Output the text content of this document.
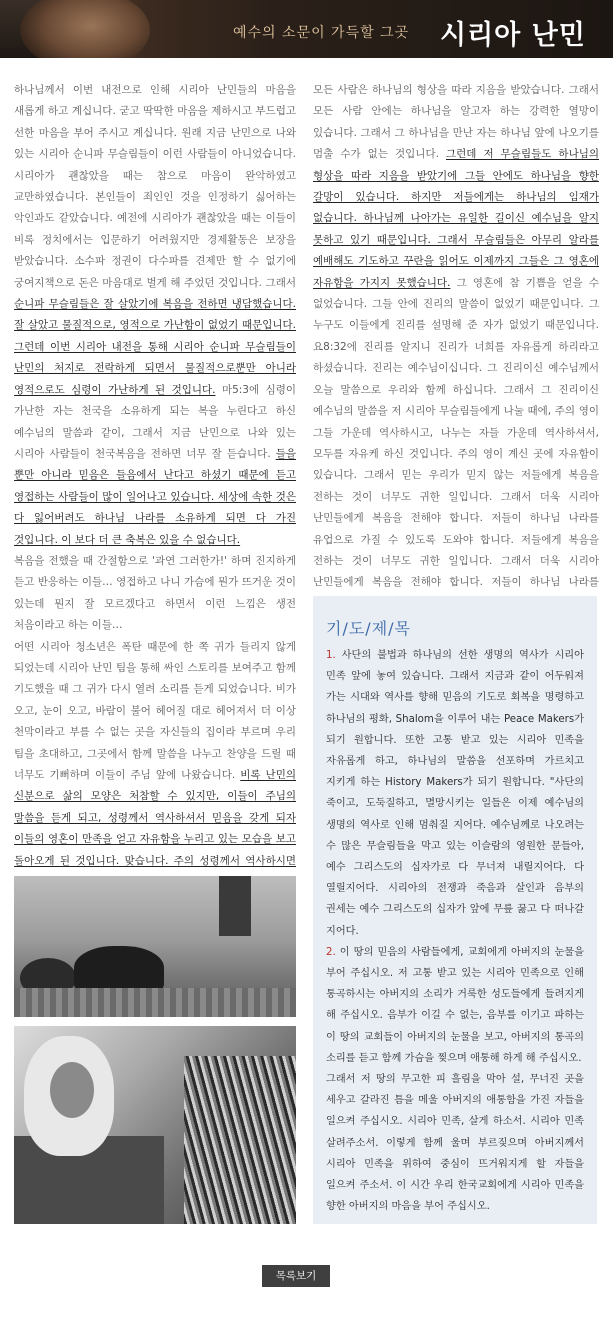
예수의 소문이 가득할 그곳 시리아 난민

하나님께서 이번 내전으로 인해 시리아 난민들의 마음을 새롭게 하고 계십니다. 굳고 딱딱한 마음을 제하시고 부드럽고 선한 마음을 부어 주시고 계십니다. 원래 지금 난민으로 나와 있는 시리아 순니파 무슬림들이 이런 사람들이 아니었습니다. 시리아가 괜찮았을 때는 참으로 마음이 완악하였고 교만하였습니다. 본인들이 죄인인 것을 인정하기 싫어하는 악인과도 같았습니다. 예전에 시리아가 괜찮았을 때는 이들이 비록 정치에서는 입문하기 어려웠지만 경제활동은 보장을 받았습니다. 소수파 정권이 다수파를 견제만 할 수 없기에 궁여지책으로 돈은 마음대로 벌게 해 주었던 것입니다. 그래서 순니파 무슬림들은 잘 살았기에 복음을 전하면 냉담했습니다. 잘 살았고 물질적으로, 영적으로 가난함이 없었기 때문입니다. 그런데 이번 시리아 내전을 통해 시리아 순니파 무슬림들이 난민의 처지로 전락하게 되면서 물질적으로뿐만 아니라 영적으로도 심령이 가난하게 된 것입니다. 마5:3에 심령이 가난한 자는 천국을 소유하게 되는 복을 누린다고 하신 예수님의 말씀과 같이, 그래서 지금 난민으로 나와 있는 시리아 사람들이 천국복음을 전하면 너무 잘 듣습니다. 들을 뿐만 아니라 믿음은 들음에서 난다고 하셨기 때문에 듣고 영접하는 사람들이 많이 일어나고 있습니다. 세상에 속한 것은 다 잃어버려도 하나님 나라를 소유하게 되면 다 가진 것입니다. 이 보다 더 큰 축복은 있을 수 없습니다.

복음을 전했을 때 간절함으로 '과연 그러한가!' 하며 진지하게 듣고 반응하는 이들… 영접하고 나니 가슴에 뭔가 뜨거운 것이 있는데 뭔지 잘 모르겠다고 하면서 이런 느낌은 생전 처음이라고 하는 이들…

어떤 시리아 청소년은 폭탄 때문에 한 쪽 귀가 들리지 않게 되었는데 시리아 난민 팀을 통해 싸인 스토리를 보여주고 함께 기도했을 때 그 귀가 다시 열려 소리를 듣게 되었습니다. 비가 오고, 눈이 오고, 바람이 불어 헤어질 대로 헤어져서 더 이상 천막이라고 부를 수 없는 곳을 자신들의 집이라 부르며 우리 팀을 초대하고, 그곳에서 함께 말씀을 나누고 찬양을 드릴 때 너무도 기뻐하며 이들이 주님 앞에 나왔습니다. 비록 난민의 신분으로 삶의 모양은 처참할 수 있지만, 이들이 주님의 말씀을 듣게 되고, 성령께서 역사하셔서 믿음을 갖게 되자 이들의 영혼이 만족을 얻고 자유함을 누리고 있는 모습을 보고 돌아오게 된 것입니다. 맞습니다. 주의 성령께서 역사하시면

모든 사람은 하나님의 형상을 따라 지음을 받았습니다. 그래서 모든 사람 안에는 하나님을 알고자 하는 강력한 열망이 있습니다. 그래서 그 하나님을 만난 자는 하나님 앞에 나오기를 멈출 수가 없는 것입니다. 그런데 저 무슬림들도 하나님의 형상을 따라 지음을 받았기에 그들 안에도 하나님을 향한 갈망이 있습니다. 하지만 저들에게는 하나님의 임재가 없습니다. 하나님께 나아가는 유일한 길이신 예수님을 알지 못하고 있기 때문입니다. 그래서 무슬림들은 아무리 알라를 예배해도 기도하고 꾸란을 읽어도 이제까지 그들은 그 영혼에 자유함을 가지지 못했습니다. 그 영혼에 참 기쁨을 얻을 수 없었습니다. 그들 안에 진리의 말씀이 없었기 때문입니다. 그 누구도 이들에게 진리를 설명해 준 자가 없었기 때문입니다. 요8:32에 진리를 알지니 진리가 너희를 자유롭게 하리라고 하셨습니다. 진리는 예수님이십니다. 그 진리이신 예수님께서 오늘 말씀으로 우리와 함께 하십니다. 그래서 그 진리이신 예수님의 말씀을 저 시리아 무슬림들에게 나눌 때에, 주의 영이 그들 가운데 역사하시고, 나누는 자들 가운데 역사하셔서, 모두를 자유케 하신 것입니다. 주의 영이 계신 곳에 자유함이 있습니다. 그래서 믿는 우리가 믿지 않는 저들에게 복음을 전하는 것이 너무도 귀한 일입니다. 그래서 더욱 시리아 난민들에게 복음을 전해야 합니다. 저들이 하나님 나라를 유업으로 가질 수 있도록 도와야 합니다. 저들에게 복음을 전하는 것이 너무도 귀한 일입니다. 그래서 더욱 시리아 난민들에게 복음을 전해야 합니다. 저들이 하나님 나라를

기/도/제/목

1. 사단의 불법과 하나님의 선한 생명의 역사가 시리아 민족 앞에 놓여 있습니다. 그래서 지금과 같이 어두워져 가는 시대와 역사를 향해 믿음의 기도로 회복을 명령하고 하나님의 평화, Shalom을 이루어 내는 Peace Makers가 되기 원합니다. 또한 고통 받고 있는 시리아 민족을 자유롭게 하고, 하나님의 말씀을 선포하며 가르치고 지키게 하는 History Makers가 되기 원합니다. "사단의 죽이고, 도둑질하고, 멸망시키는 일들은 이제 예수님의 생명의 역사로 인해 멈춰질 지어다. 예수님께로 나오려는 수 많은 무슬림들을 막고 있는 이슬람의 영원한 문들아, 예수 그리스도의 십자가로 다 무너져 내릴지어다. 다 열릴지어다. 시리아의 전쟁과 죽음과 살인과 음부의 권세는 예수 그리스도의 십자가 앞에 무릎 꿇고 다 떠나갈 지어다.

2. 이 땅의 믿음의 사람들에게, 교회에게 아버지의 눈물을 부어 주십시오. 저 고통 받고 있는 시리아 민족으로 인해 통곡하시는 아버지의 소리가 거룩한 성도들에게 들려지게 해 주십시오. 음부가 이길 수 없는, 음부를 이기고 파하는 이 땅의 교회들이 아버지의 눈물을 보고, 아버지의 통곡의 소리를 듣고 함께 가슴을 찢으며 애통해 하게 해 주십시오.

그래서 저 땅의 무고한 피 흘림을 막아 설, 무너진 곳을 세우고 갈라진 틈을 메울 아버지의 애통함을 가진 자들을 일으켜 주십시오. 시리아 민족, 살게 하소서. 시리아 민족 살려주소서. 이렇게 함께 울며 부르짖으며 아버지께서 시리아 민족을 위하여 중심이 뜨거워지게 할 자들을 일으켜 주소서. 이 시간 우리 한국교회에게 시리아 민족을 향한 아버지의 마음을 부어 주십시오.

목록보기
